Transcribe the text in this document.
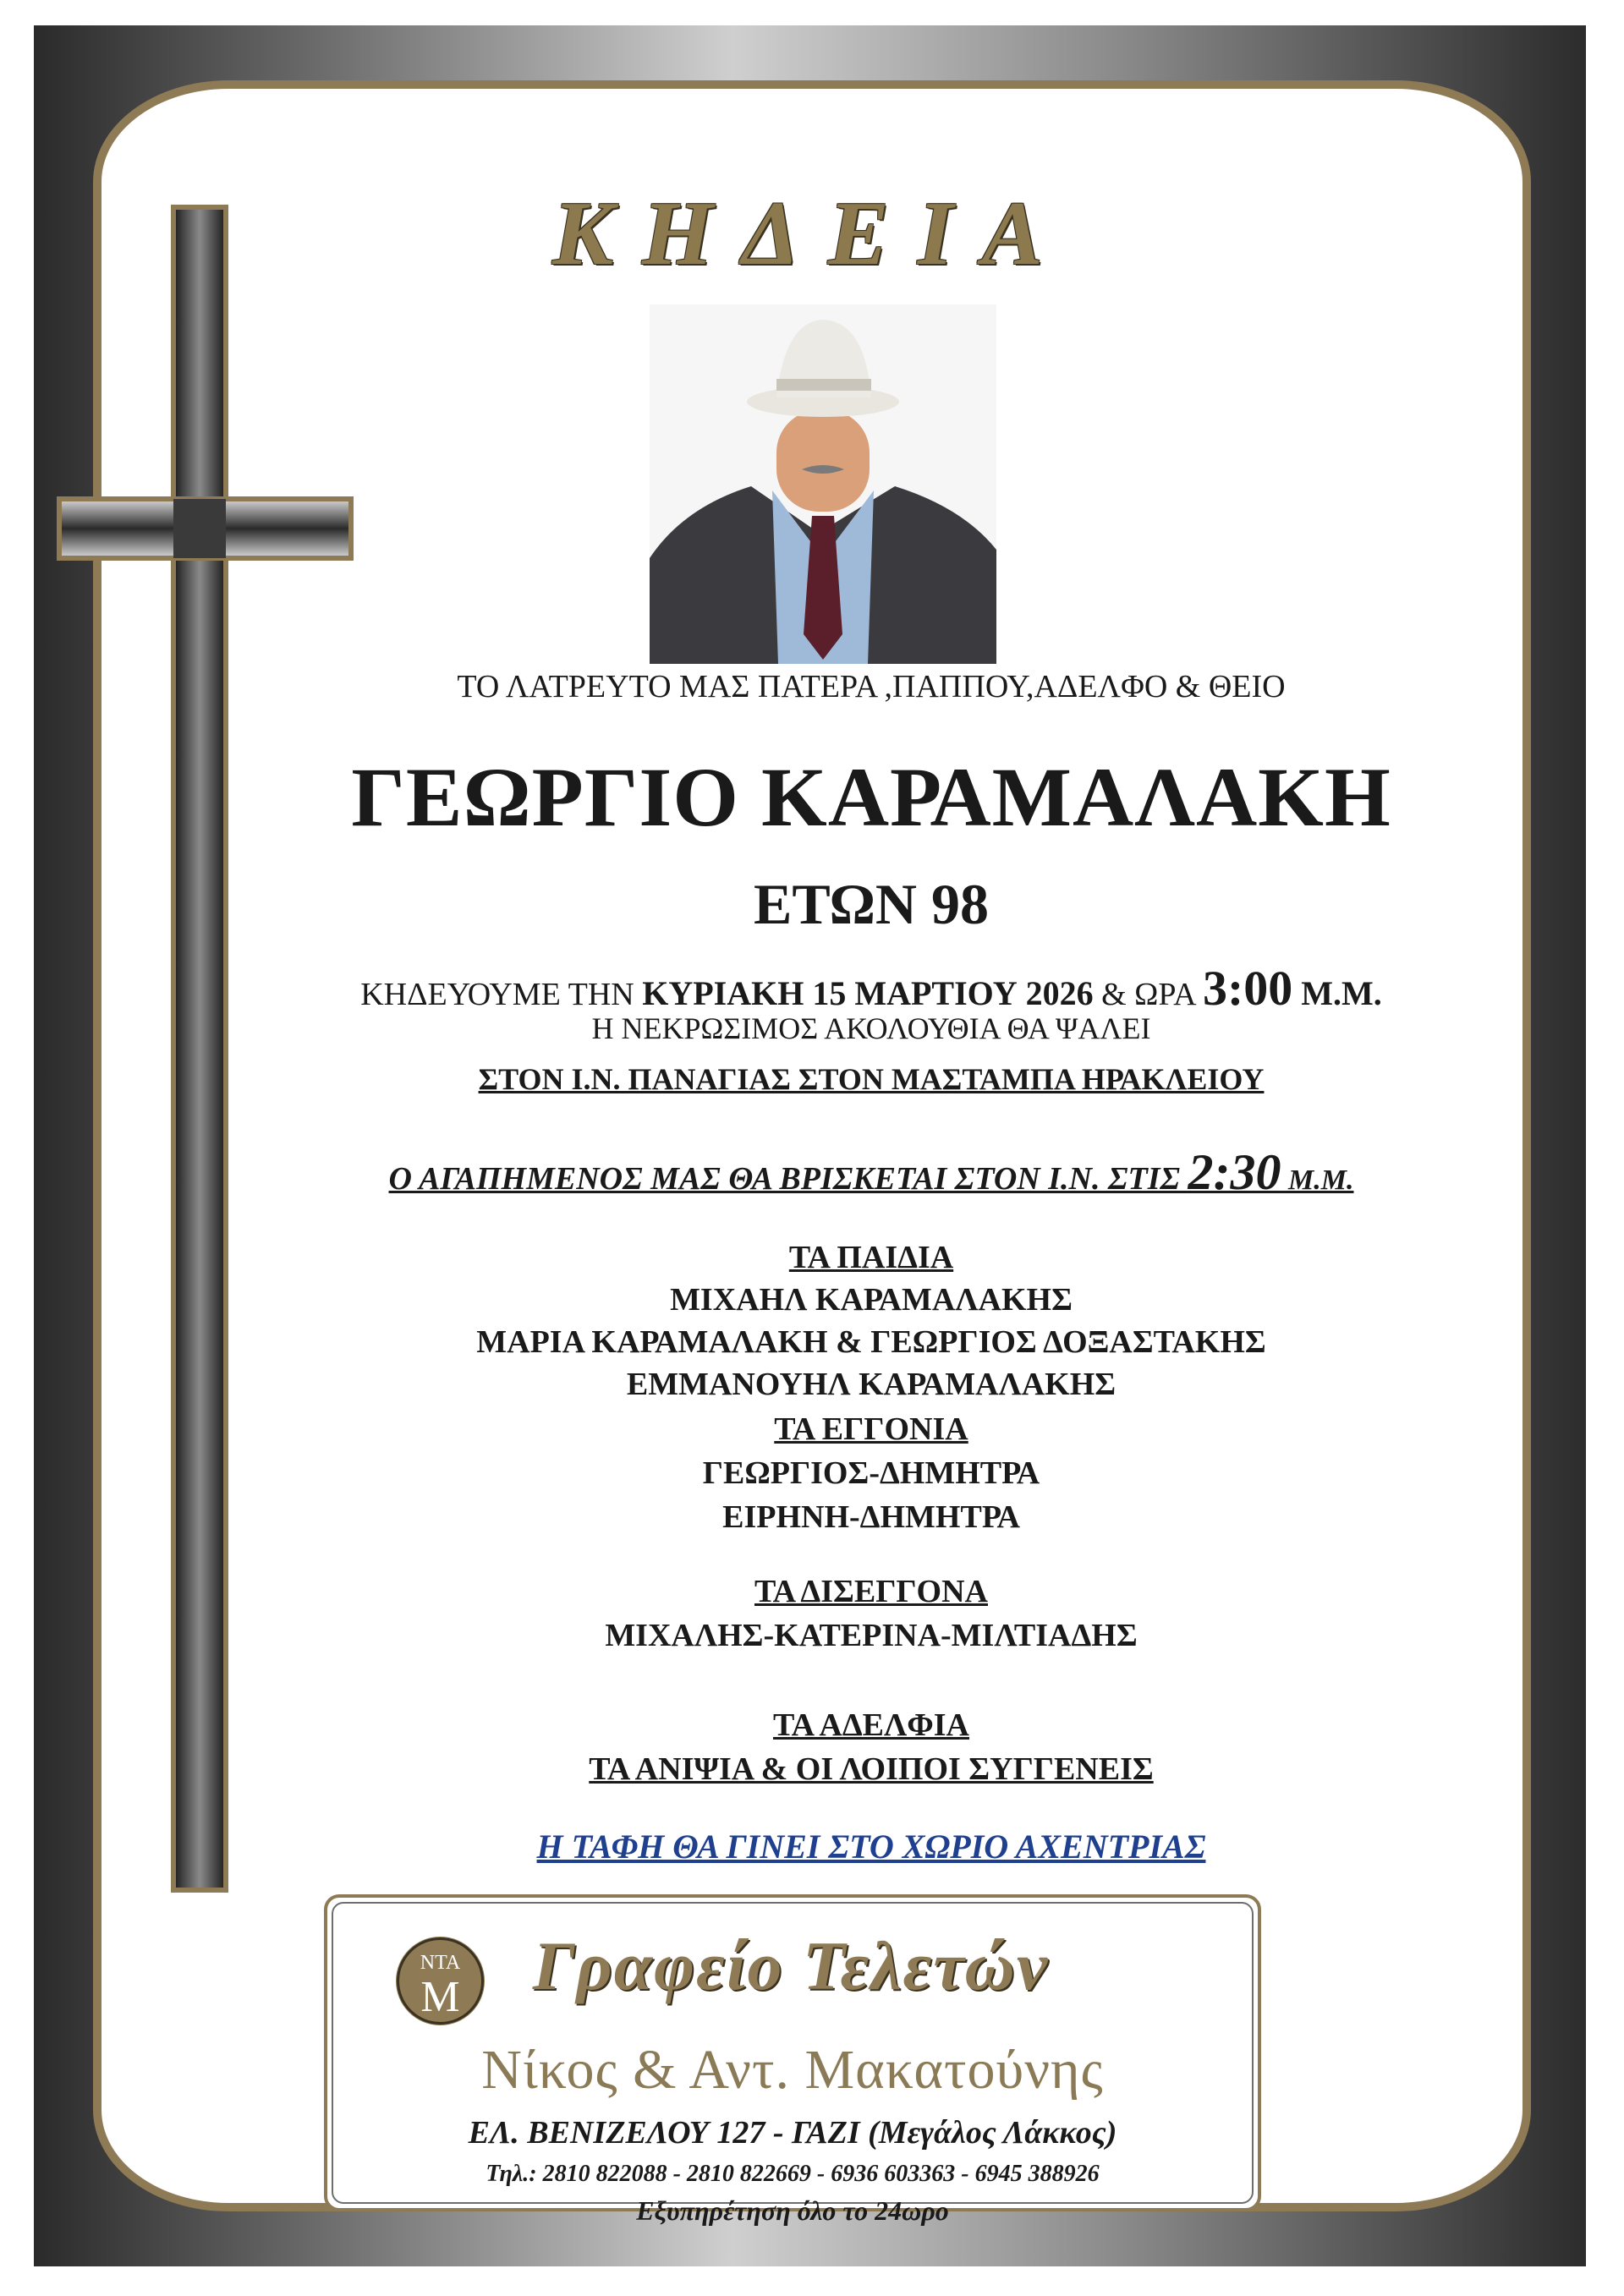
ΚΗΔΕΙΑ
ΤΟ ΛΑΤΡΕΥΤΟ ΜΑΣ ΠΑΤΕΡΑ ,ΠΑΠΠΟΥ,ΑΔΕΛΦΟ & ΘΕΙΟ
ΓΕΩΡΓΙΟ ΚΑΡΑΜΑΛΑΚΗ
ΕΤΩΝ 98
ΚΗΔΕΥΟΥΜΕ ΤΗΝ ΚΥΡΙΑΚΗ 15 ΜΑΡΤΙΟΥ 2026 & ΩΡΑ 3:00 Μ.Μ.
Η ΝΕΚΡΩΣΙΜΟΣ ΑΚΟΛΟΥΘΙΑ ΘΑ ΨΑΛΕΙ
ΣΤΟΝ Ι.Ν. ΠΑΝΑΓΙΑΣ ΣΤΟΝ ΜΑΣΤΑΜΠΑ ΗΡΑΚΛΕΙΟΥ
Ο ΑΓΑΠΗΜΕΝΟΣ ΜΑΣ ΘΑ ΒΡΙΣΚΕΤΑΙ ΣΤΟΝ Ι.Ν. ΣΤΙΣ 2:30 Μ.Μ.
ΤΑ ΠΑΙΔΙΑ
ΜΙΧΑΗΛ ΚΑΡΑΜΑΛΑΚΗΣ
ΜΑΡΙΑ ΚΑΡΑΜΑΛΑΚΗ & ΓΕΩΡΓΙΟΣ ΔΟΞΑΣΤΑΚΗΣ
ΕΜΜΑΝΟΥΗΛ ΚΑΡΑΜΑΛΑΚΗΣ
ΤΑ ΕΓΓΟΝΙΑ
ΓΕΩΡΓΙΟΣ-ΔΗΜΗΤΡΑ
ΕΙΡΗΝΗ-ΔΗΜΗΤΡΑ
ΤΑ ΔΙΣΕΓΓΟΝΑ
ΜΙΧΑΛΗΣ-ΚΑΤΕΡΙΝΑ-ΜΙΛΤΙΑΔΗΣ
ΤΑ ΑΔΕΛΦΙΑ
ΤΑ ΑΝΙΨΙΑ & ΟΙ ΛΟΙΠΟΙ ΣΥΓΓΕΝΕΙΣ
Η ΤΑΦΗ ΘΑ ΓΙΝΕΙ ΣΤΟ ΧΩΡΙΟ ΑΧΕΝΤΡΙΑΣ
ΝΤΑ
M Γραφείο Τελετών
Νίκος & Αντ. Μακατούνης
ΕΛ. ΒΕΝΙΖΕΛΟΥ 127 - ΓΑΖΙ (Μεγάλος Λάκκος)
Τηλ.: 2810 822088 - 2810 822669 - 6936 603363 - 6945 388926
Εξυπηρέτηση όλο το 24ωρο
